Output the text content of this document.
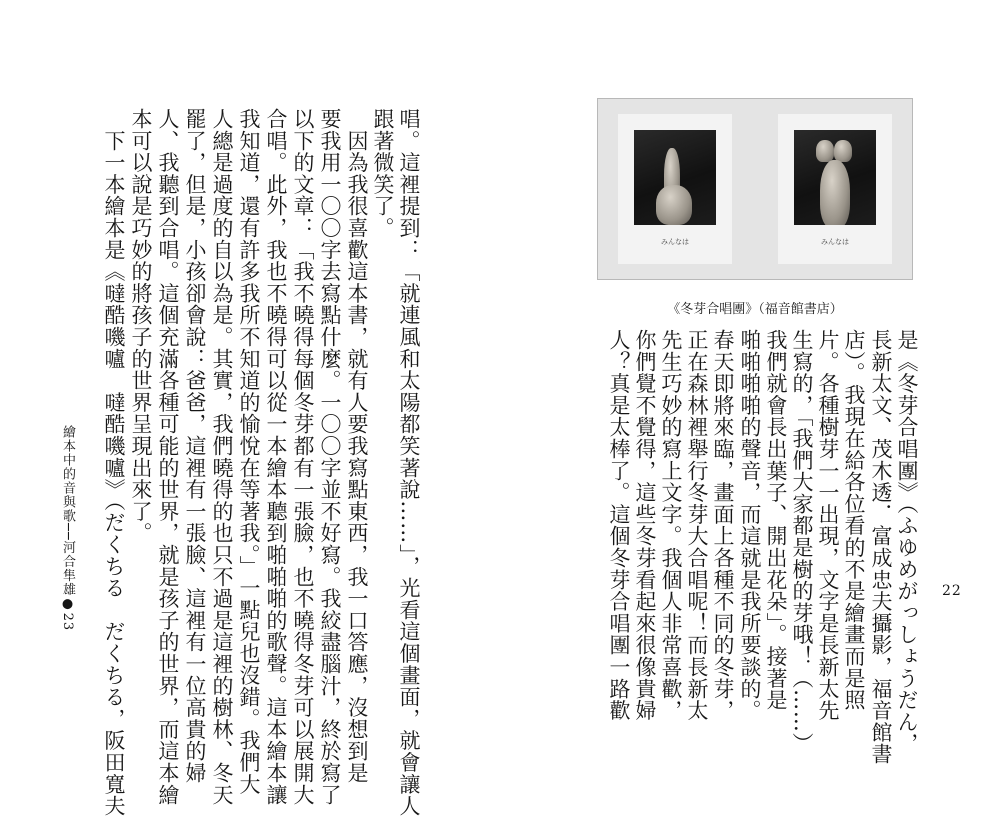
22
みんなは	みんなは
《冬芽合唱團》（福音館書店）
是《冬芽合唱團》（ふゆめがっしょうだん，
長新太文、茂木透．富成忠夫攝影，福音館書
店）。我現在給各位看的不是繪畫而是照
片。各種樹芽一一出現，文字是長新太先
生寫的，「我們大家都是樹的芽哦！（……）
我們就會長出葉子、開出花朵」。接著是
啪啪啪啪的聲音，而這就是我所要談的。
春天即將來臨，畫面上各種不同的冬芽，
正在森林裡舉行冬芽大合唱呢！而長新太
先生巧妙的寫上文字。我個人非常喜歡，
你們覺不覺得，這些冬芽看起來很像貴婦
人？真是太棒了。這個冬芽合唱團一路歡
唱。這裡提到：「就連風和太陽都笑著說……」，光看這個畫面，就會讓人
跟著微笑了。
　因為我很喜歡這本書，就有人要我寫點東西，我一口答應，沒想到是
要我用一〇〇字去寫點什麼。一〇〇字並不好寫。我絞盡腦汁，終於寫了
以下的文章：「我不曉得每個冬芽都有一張臉，也不曉得冬芽可以展開大
合唱。此外，我也不曉得可以從一本繪本聽到啪啪啪的歌聲。這本繪本讓
我知道，還有許多我所不知道的愉悅在等著我。」一點兒也沒錯。我們大
人總是過度的自以為是。其實，我們曉得的也只不過是這裡的樹林、冬天
罷了，但是，小孩卻會說：爸爸，這裡有一張臉、這裡有一位高貴的婦
人、我聽到合唱。這個充滿各種可能的世界，就是孩子的世界，而這本繪
本可以說是巧妙的將孩子的世界呈現出來了。
　下一本繪本是《噠酷嘰嚧　噠酷嘰嚧》（だくちる　だくちる，阪田寬夫
繪本中的音與歌──河合隼雄●23
